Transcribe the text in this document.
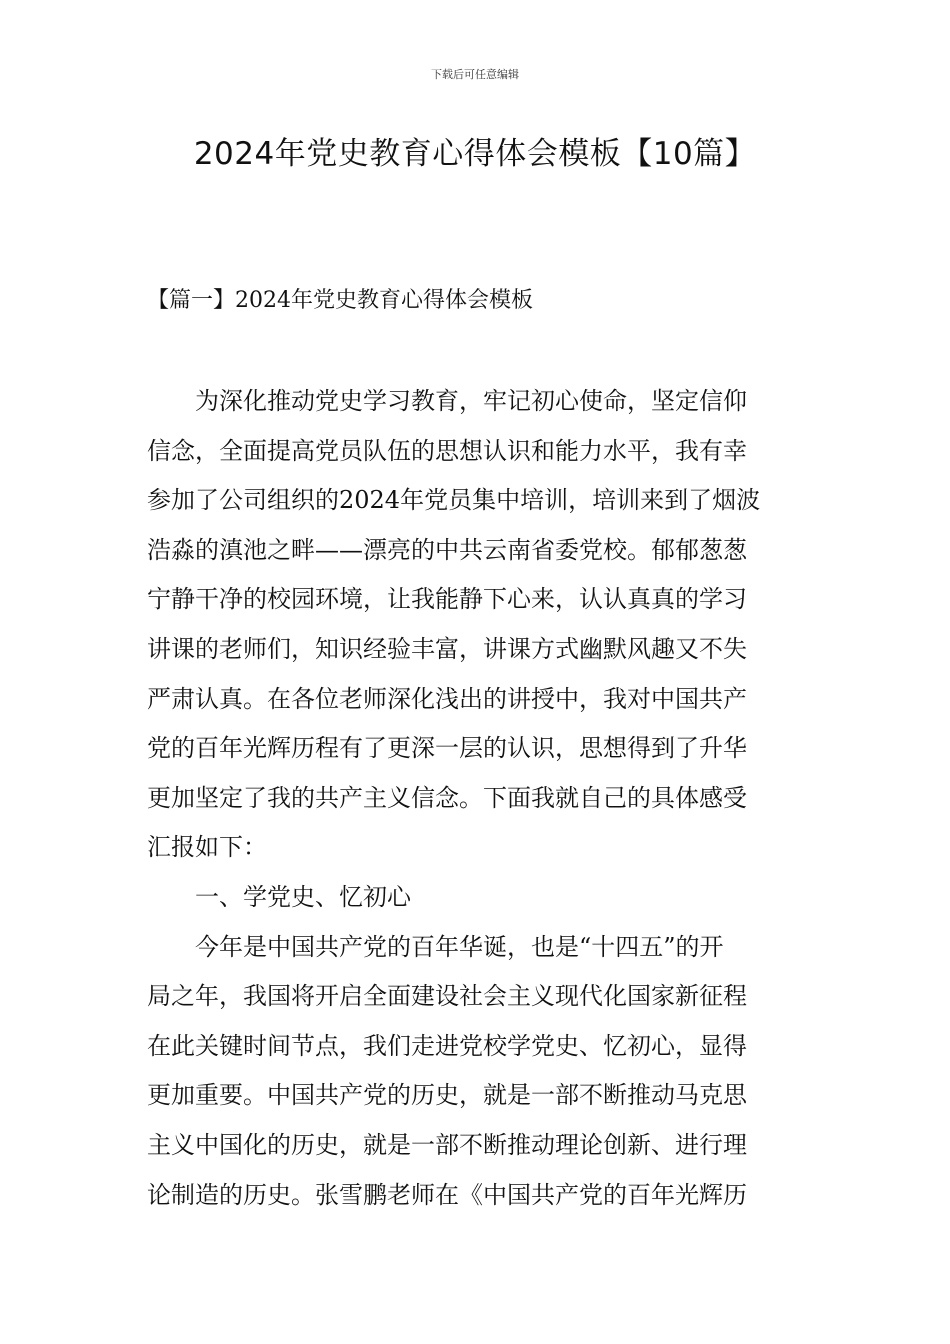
下载后可任意编辑
2024年党史教育心得体会模板【10篇】
【篇一】2024年党史教育心得体会模板
为深化推动党史学习教育，牢记初心使命，坚定信仰
信念，全面提高党员队伍的思想认识和能力水平，我有幸
参加了公司组织的2024年党员集中培训，培训来到了烟波
浩淼的滇池之畔——漂亮的中共云南省委党校。郁郁葱葱
宁静干净的校园环境，让我能静下心来，认认真真的学习
讲课的老师们，知识经验丰富，讲课方式幽默风趣又不失
严肃认真。在各位老师深化浅出的讲授中，我对中国共产
党的百年光辉历程有了更深一层的认识，思想得到了升华
更加坚定了我的共产主义信念。下面我就自己的具体感受
汇报如下：
一、学党史、忆初心
今年是中国共产党的百年华诞，也是“十四五”的开
局之年，我国将开启全面建设社会主义现代化国家新征程
在此关键时间节点，我们走进党校学党史、忆初心，显得
更加重要。中国共产党的历史，就是一部不断推动马克思
主义中国化的历史，就是一部不断推动理论创新、进行理
论制造的历史。张雪鹏老师在《中国共产党的百年光辉历
